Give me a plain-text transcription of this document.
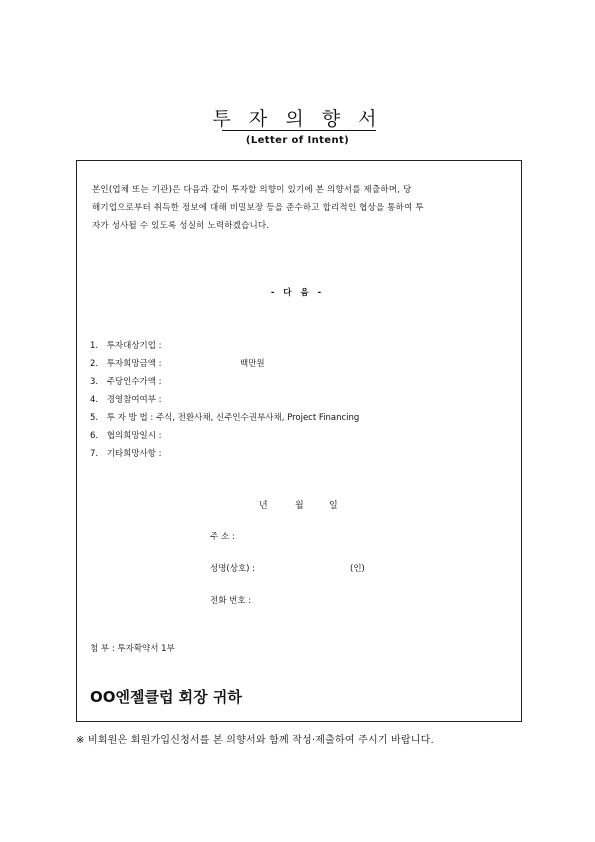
투 자 의 향 서
(Letter of Intent)
본인(업체 또는 기관)은 다음과 같이 투자할 의향이 있기에 본 의향서를 제출하며, 당
해기업으로부터 취득한 정보에 대해 비밀보장 등을 준수하고 합리적인 협상을 통하여 투
자가 성사될 수 있도록 성실히 노력하겠습니다.
- 다 음 -
1. 투자대상기업 :
2. 투자희망금액 :	백만원
3. 주당인수가액 :
4. 경영참여여부 :
5. 투 자 방 법 : 주식, 전환사채, 신주인수권부사채, Project Financing
6. 협의희망일시 :
7. 기타희망사항 :
년	월	일
주 소 :
성명(상호) :	(인)
전화 번호 :
첨 부 : 투자확약서 1부
OO엔젤클럽 회장 귀하
※ 비회원은 회원가입신청서를 본 의향서와 함께 작성·제출하여 주시기 바랍니다.
